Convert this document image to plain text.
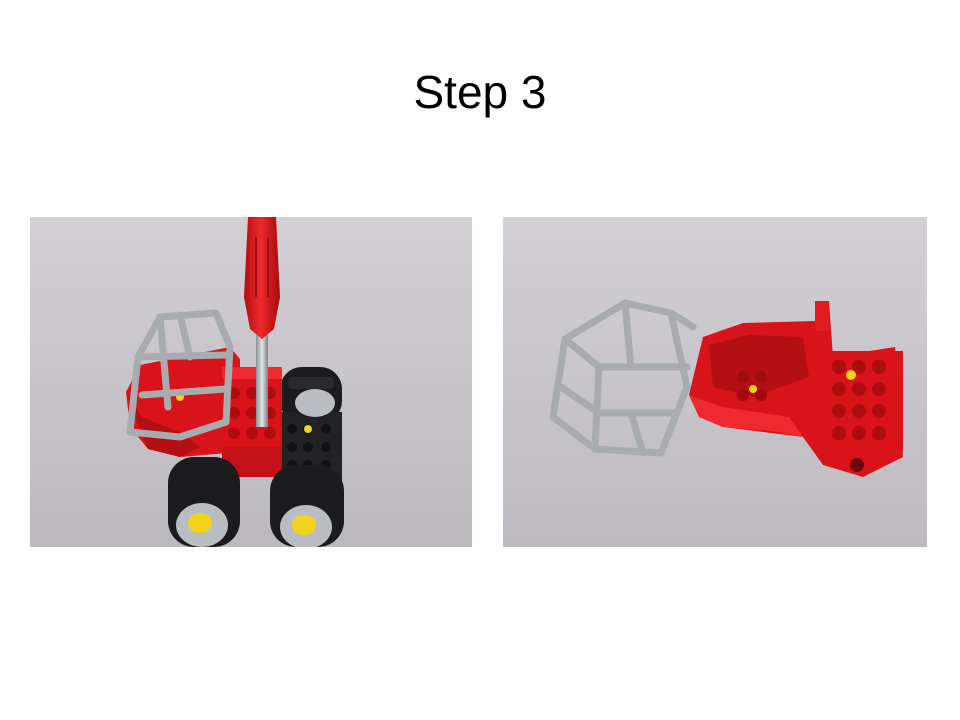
Step 3
